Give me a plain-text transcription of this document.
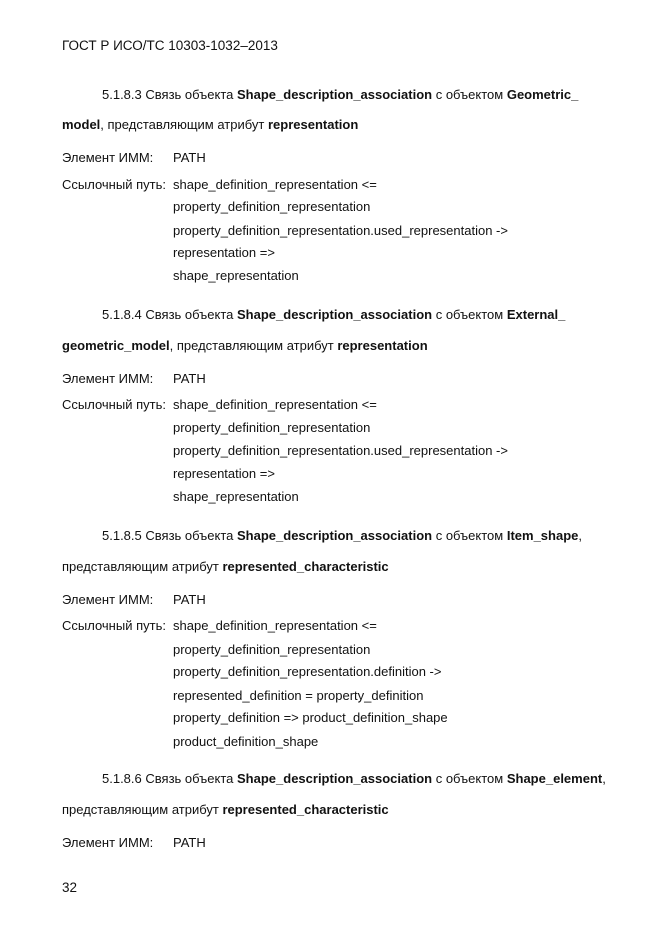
ГОСТ Р ИСО/ТС 10303-1032–2013
5.1.8.3 Связь объекта Shape_description_association с объектом Geometric_
model, представляющим атрибут representation
Элемент ИММ: PATH
Ссылочный путь: shape_definition_representation <=
property_definition_representation
property_definition_representation.used_representation ->
representation =>
shape_representation
5.1.8.4 Связь объекта Shape_description_association с объектом External_
geometric_model, представляющим атрибут representation
Элемент ИММ: PATH
Ссылочный путь: shape_definition_representation <=
property_definition_representation
property_definition_representation.used_representation ->
representation =>
shape_representation
5.1.8.5 Связь объекта Shape_description_association с объектом Item_shape,
представляющим атрибут represented_characteristic
Элемент ИММ: PATH
Ссылочный путь: shape_definition_representation <=
property_definition_representation
property_definition_representation.definition ->
represented_definition = property_definition
property_definition => product_definition_shape
product_definition_shape
5.1.8.6 Связь объекта Shape_description_association с объектом Shape_element,
представляющим атрибут represented_characteristic
Элемент ИММ: PATH
32
